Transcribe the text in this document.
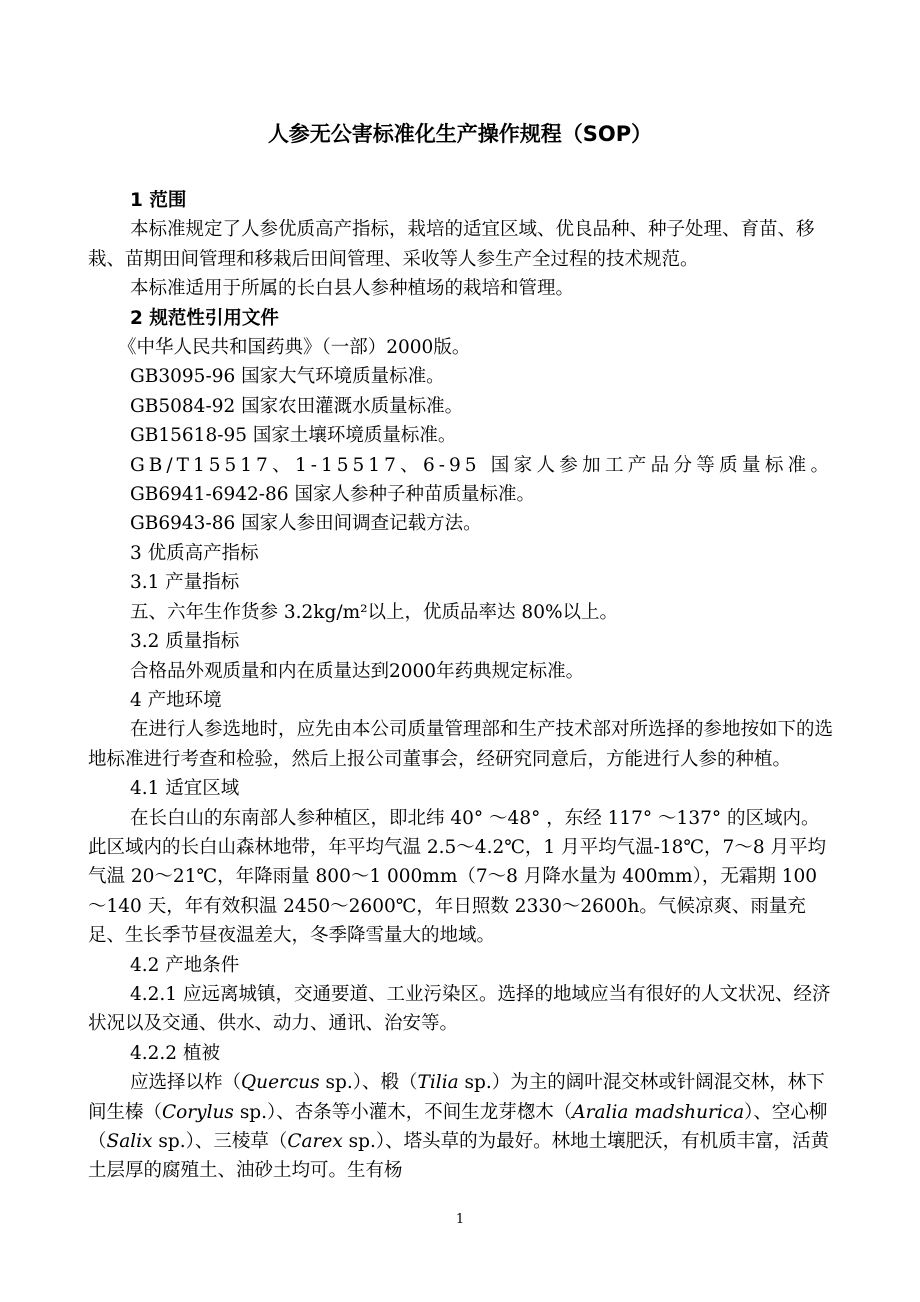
人参无公害标准化生产操作规程（SOP）

1 范围

本标准规定了人参优质高产指标，栽培的适宜区域、优良品种、种子处理、育苗、移栽、苗期田间管理和移栽后田间管理、采收等人参生产全过程的技术规范。

本标准适用于所属的长白县人参种植场的栽培和管理。

2 规范性引用文件

《中华人民共和国药典》（一部）2000版。

GB3095-96 国家大气环境质量标准。

GB5084-92 国家农田灌溉水质量标准。

GB15618-95 国家土壤环境质量标准。

GB/T15517、1-15517、6-95 国家人参加工产品分等质量标准。

GB6941-6942-86 国家人参种子种苗质量标准。

GB6943-86 国家人参田间调查记载方法。

3 优质高产指标

3.1 产量指标

五、六年生作货参 3.2kg/m²以上，优质品率达 80%以上。

3.2 质量指标

合格品外观质量和内在质量达到2000年药典规定标准。

4 产地环境

在进行人参选地时，应先由本公司质量管理部和生产技术部对所选择的参地按如下的选地标准进行考查和检验，然后上报公司董事会，经研究同意后，方能进行人参的种植。

4.1 适宜区域

在长白山的东南部人参种植区，即北纬 40° ～48° ，东经 117° ～137° 的区域内。此区域内的长白山森林地带，年平均气温 2.5～4.2℃，1 月平均气温-18℃，7～8 月平均气温 20～21℃，年降雨量 800～1 000mm（7～8 月降水量为 400mm），无霜期 100～140 天，年有效积温 2450～2600℃，年日照数 2330～2600h。气候凉爽、雨量充足、生长季节昼夜温差大，冬季降雪量大的地域。

4.2 产地条件

4.2.1 应远离城镇，交通要道、工业污染区。选择的地域应当有很好的人文状况、经济状况以及交通、供水、动力、通讯、治安等。

4.2.2 植被

应选择以柞（Quercus sp.）、椴（Tilia sp.）为主的阔叶混交林或针阔混交林，林下间生榛（Corylus sp.）、杏条等小灌木，不间生龙芽楤木（Aralia madshurica）、空心柳（Salix sp.）、三棱草（Carex sp.）、塔头草的为最好。林地土壤肥沃，有机质丰富，活黄土层厚的腐殖土、油砂土均可。生有杨

1
